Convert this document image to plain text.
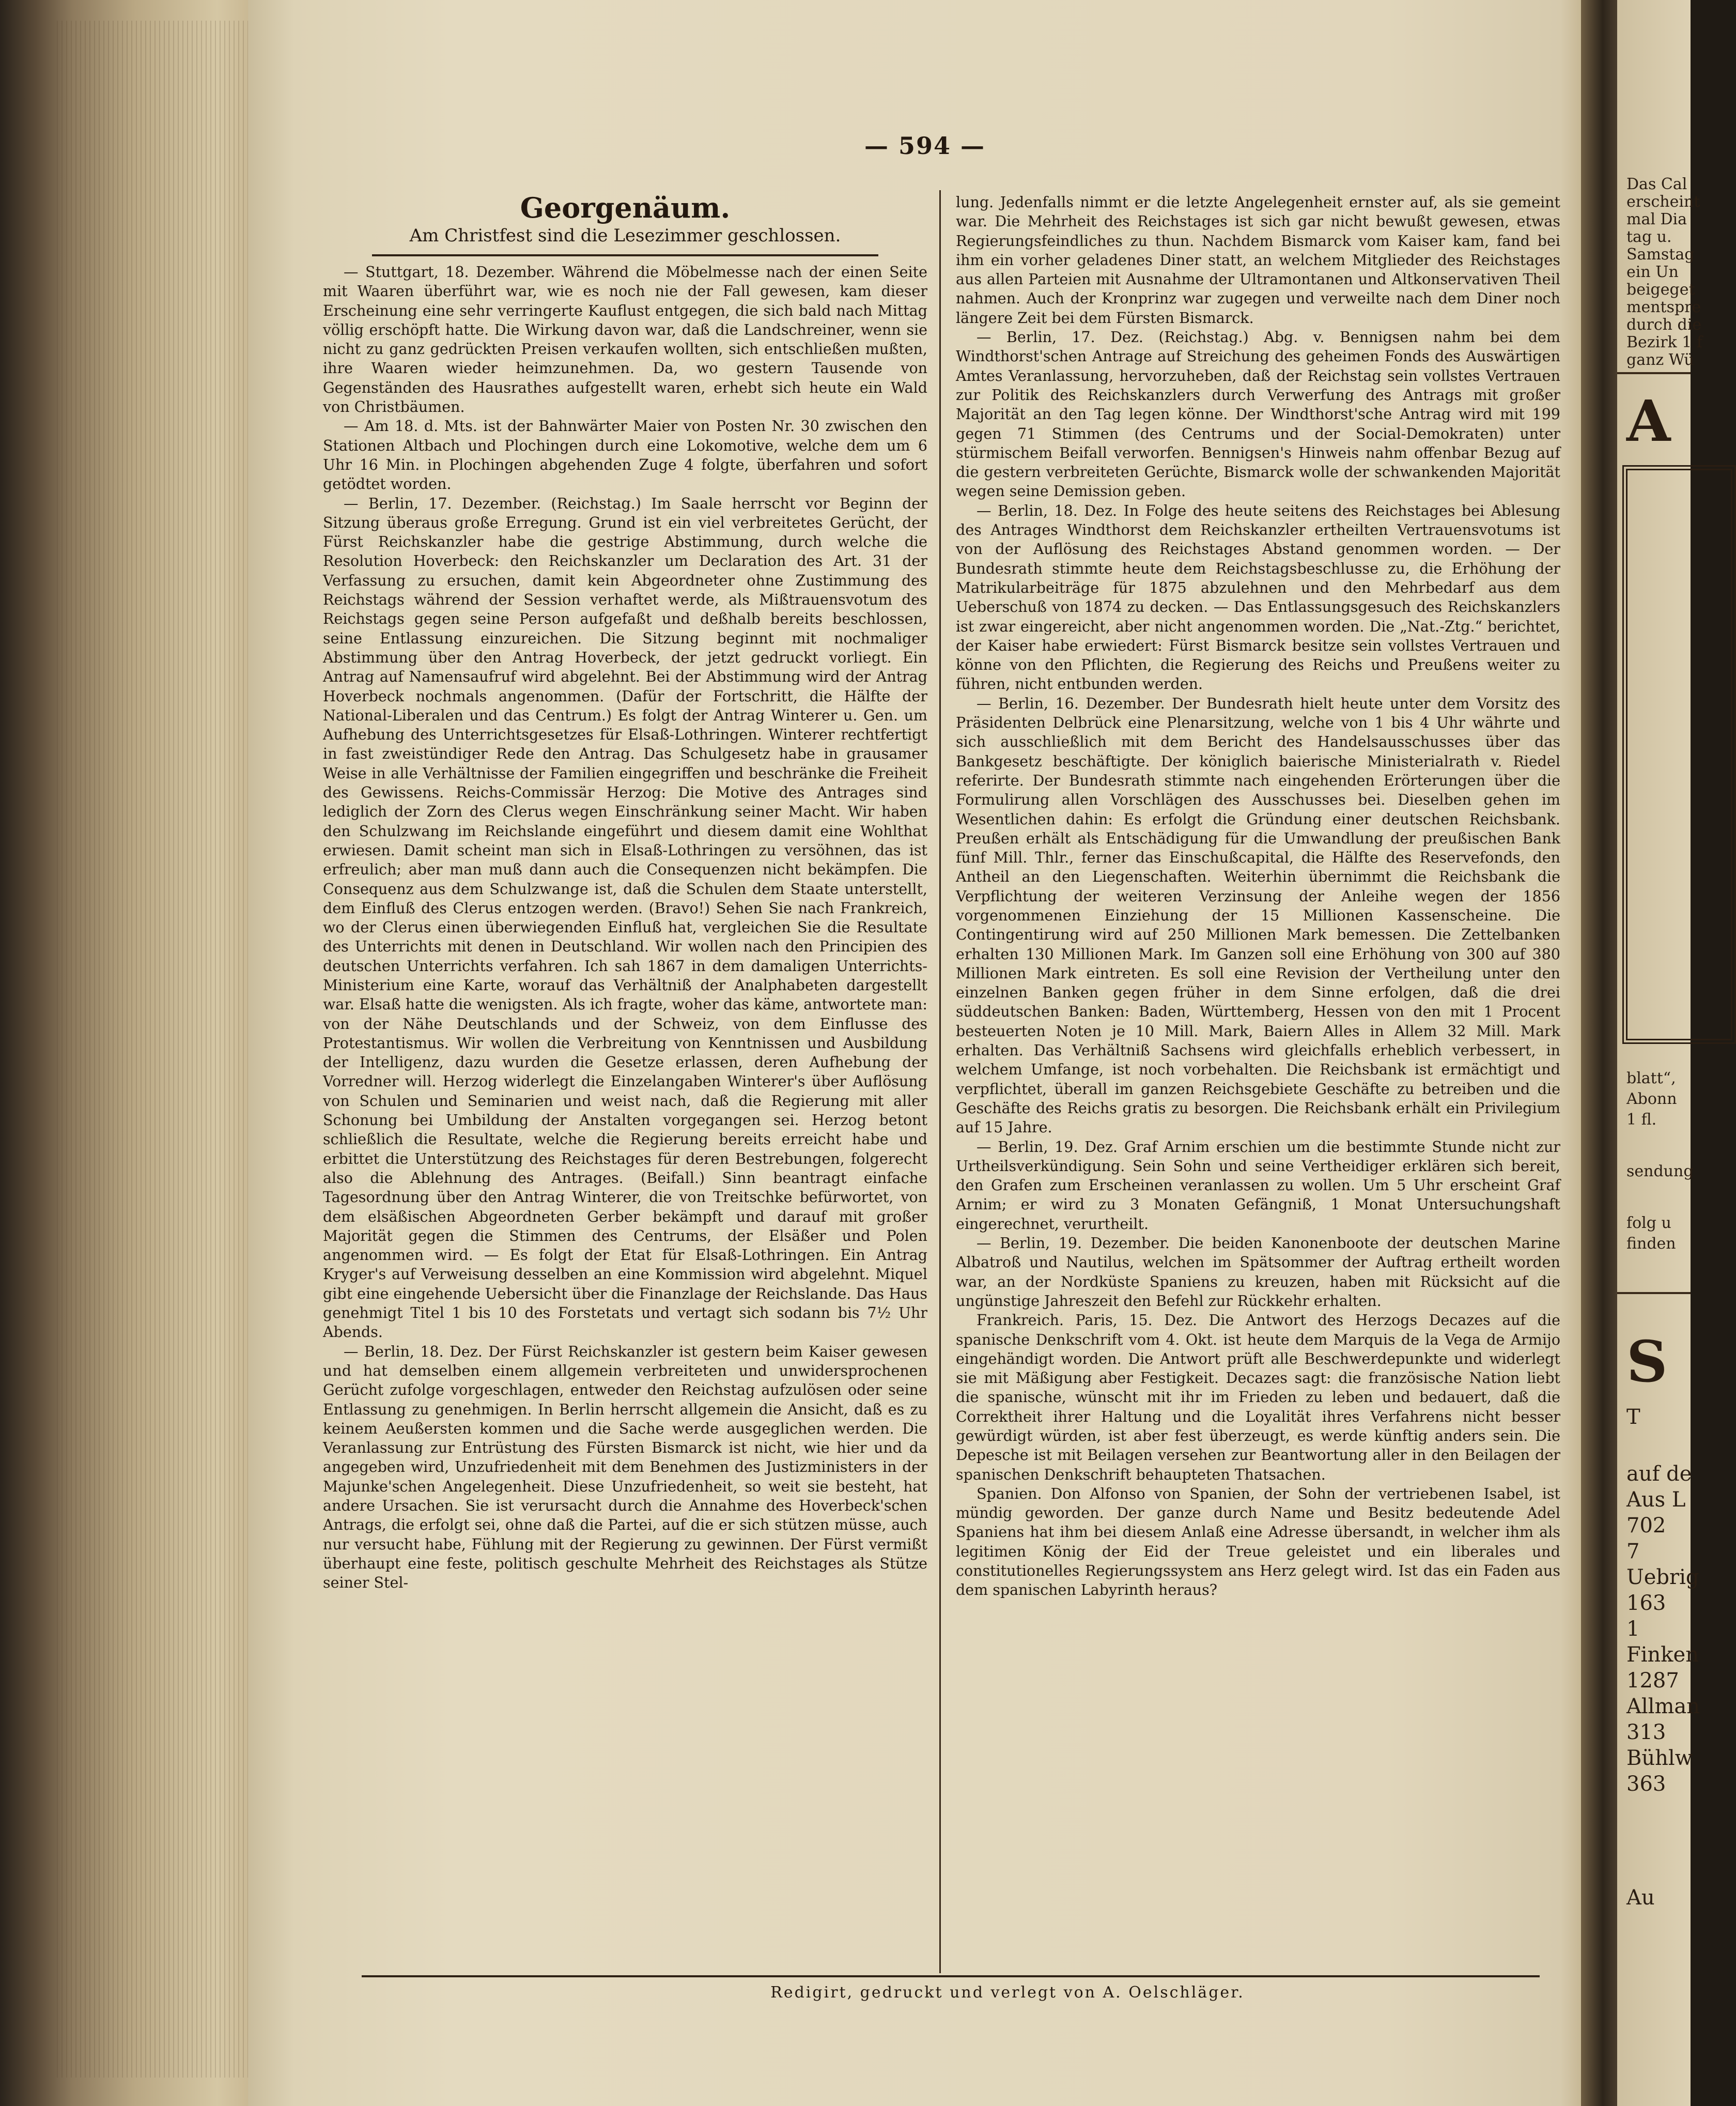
— 594 —

Georgenäum.

Am Christfest sind die Lesezimmer geschlossen.

— Stuttgart, 18. Dezember. Während die Möbelmesse nach der einen Seite mit Waaren überführt war, wie es noch nie der Fall gewesen, kam dieser Erscheinung eine sehr verringerte Kauflust entgegen, die sich bald nach Mittag völlig erschöpft hatte. Die Wirkung davon war, daß die Landschreiner, wenn sie nicht zu ganz gedrückten Preisen verkaufen wollten, sich entschließen mußten, ihre Waaren wieder heimzunehmen. Da, wo gestern Tausende von Gegenständen des Hausrathes aufgestellt waren, erhebt sich heute ein Wald von Christbäumen.

— Am 18. d. Mts. ist der Bahnwärter Maier von Posten Nr. 30 zwischen den Stationen Altbach und Plochingen durch eine Lokomotive, welche dem um 6 Uhr 16 Min. in Plochingen abgehenden Zuge 4 folgte, überfahren und sofort getödtet worden.

— Berlin, 17. Dezember. (Reichstag.) Im Saale herrscht vor Beginn der Sitzung überaus große Erregung. Grund ist ein viel verbreitetes Gerücht, der Fürst Reichskanzler habe die gestrige Abstimmung, durch welche die Resolution Hoverbeck: den Reichskanzler um Declaration des Art. 31 der Verfassung zu ersuchen, damit kein Abgeordneter ohne Zustimmung des Reichstags während der Session verhaftet werde, als Mißtrauensvotum des Reichstags gegen seine Person aufgefaßt und deßhalb bereits beschlossen, seine Entlassung einzureichen. Die Sitzung beginnt mit nochmaliger Abstimmung über den Antrag Hoverbeck, der jetzt gedruckt vorliegt. Ein Antrag auf Namensaufruf wird abgelehnt. Bei der Abstimmung wird der Antrag Hoverbeck nochmals angenommen. (Dafür der Fortschritt, die Hälfte der National-Liberalen und das Centrum.) Es folgt der Antrag Winterer u. Gen. um Aufhebung des Unterrichtsgesetzes für Elsaß-Lothringen. Winterer rechtfertigt in fast zweistündiger Rede den Antrag. Das Schulgesetz habe in grausamer Weise in alle Verhältnisse der Familien eingegriffen und beschränke die Freiheit des Gewissens. Reichs-Commissär Herzog: Die Motive des Antrages sind lediglich der Zorn des Clerus wegen Einschränkung seiner Macht. Wir haben den Schulzwang im Reichslande eingeführt und diesem damit eine Wohlthat erwiesen. Damit scheint man sich in Elsaß-Lothringen zu versöhnen, das ist erfreulich; aber man muß dann auch die Consequenzen nicht bekämpfen. Die Consequenz aus dem Schulzwange ist, daß die Schulen dem Staate unterstellt, dem Einfluß des Clerus entzogen werden. (Bravo!) Sehen Sie nach Frankreich, wo der Clerus einen überwiegenden Einfluß hat, vergleichen Sie die Resultate des Unterrichts mit denen in Deutschland. Wir wollen nach den Principien des deutschen Unterrichts verfahren. Ich sah 1867 in dem damaligen Unterrichts-Ministerium eine Karte, worauf das Verhältniß der Analphabeten dargestellt war. Elsaß hatte die wenigsten. Als ich fragte, woher das käme, antwortete man: von der Nähe Deutschlands und der Schweiz, von dem Einflusse des Protestantismus. Wir wollen die Verbreitung von Kenntnissen und Ausbildung der Intelligenz, dazu wurden die Gesetze erlassen, deren Aufhebung der Vorredner will. Herzog widerlegt die Einzelangaben Winterer's über Auflösung von Schulen und Seminarien und weist nach, daß die Regierung mit aller Schonung bei Umbildung der Anstalten vorgegangen sei. Herzog betont schließlich die Resultate, welche die Regierung bereits erreicht habe und erbittet die Unterstützung des Reichstages für deren Bestrebungen, folgerecht also die Ablehnung des Antrages. (Beifall.) Sinn beantragt einfache Tagesordnung über den Antrag Winterer, die von Treitschke befürwortet, von dem elsäßischen Abgeordneten Gerber bekämpft und darauf mit großer Majorität gegen die Stimmen des Centrums, der Elsäßer und Polen angenommen wird. — Es folgt der Etat für Elsaß-Lothringen. Ein Antrag Kryger's auf Verweisung desselben an eine Kommission wird abgelehnt. Miquel gibt eine eingehende Uebersicht über die Finanzlage der Reichslande. Das Haus genehmigt Titel 1 bis 10 des Forstetats und vertagt sich sodann bis 7½ Uhr Abends.

— Berlin, 18. Dez. Der Fürst Reichskanzler ist gestern beim Kaiser gewesen und hat demselben einem allgemein verbreiteten und unwidersprochenen Gerücht zufolge vorgeschlagen, entweder den Reichstag aufzulösen oder seine Entlassung zu genehmigen. In Berlin herrscht allgemein die Ansicht, daß es zu keinem Aeußersten kommen und die Sache werde ausgeglichen werden. Die Veranlassung zur Entrüstung des Fürsten Bismarck ist nicht, wie hier und da angegeben wird, Unzufriedenheit mit dem Benehmen des Justizministers in der Majunke'schen Angelegenheit. Diese Unzufriedenheit, so weit sie besteht, hat andere Ursachen. Sie ist verursacht durch die Annahme des Hoverbeck'schen Antrags, die erfolgt sei, ohne daß die Partei, auf die er sich stützen müsse, auch nur versucht habe, Fühlung mit der Regierung zu gewinnen. Der Fürst vermißt überhaupt eine feste, politisch geschulte Mehrheit des Reichstages als Stütze seiner Stel-

lung. Jedenfalls nimmt er die letzte Angelegenheit ernster auf, als sie gemeint war. Die Mehrheit des Reichstages ist sich gar nicht bewußt gewesen, etwas Regierungsfeindliches zu thun. Nachdem Bismarck vom Kaiser kam, fand bei ihm ein vorher geladenes Diner statt, an welchem Mitglieder des Reichstages aus allen Parteien mit Ausnahme der Ultramontanen und Altkonservativen Theil nahmen. Auch der Kronprinz war zugegen und verweilte nach dem Diner noch längere Zeit bei dem Fürsten Bismarck.

— Berlin, 17. Dez. (Reichstag.) Abg. v. Bennigsen nahm bei dem Windthorst'schen Antrage auf Streichung des geheimen Fonds des Auswärtigen Amtes Veranlassung, hervorzuheben, daß der Reichstag sein vollstes Vertrauen zur Politik des Reichskanzlers durch Verwerfung des Antrags mit großer Majorität an den Tag legen könne. Der Windthorst'sche Antrag wird mit 199 gegen 71 Stimmen (des Centrums und der Social-Demokraten) unter stürmischem Beifall verworfen. Bennigsen's Hinweis nahm offenbar Bezug auf die gestern verbreiteten Gerüchte, Bismarck wolle der schwankenden Majorität wegen seine Demission geben.

— Berlin, 18. Dez. In Folge des heute seitens des Reichstages bei Ablesung des Antrages Windthorst dem Reichskanzler ertheilten Vertrauensvotums ist von der Auflösung des Reichstages Abstand genommen worden. — Der Bundesrath stimmte heute dem Reichstagsbeschlusse zu, die Erhöhung der Matrikularbeiträge für 1875 abzulehnen und den Mehrbedarf aus dem Ueberschuß von 1874 zu decken. — Das Entlassungsgesuch des Reichskanzlers ist zwar eingereicht, aber nicht angenommen worden. Die „Nat.-Ztg.“ berichtet, der Kaiser habe erwiedert: Fürst Bismarck besitze sein vollstes Vertrauen und könne von den Pflichten, die Regierung des Reichs und Preußens weiter zu führen, nicht entbunden werden.

— Berlin, 16. Dezember. Der Bundesrath hielt heute unter dem Vorsitz des Präsidenten Delbrück eine Plenarsitzung, welche von 1 bis 4 Uhr währte und sich ausschließlich mit dem Bericht des Handelsausschusses über das Bankgesetz beschäftigte. Der königlich baierische Ministerialrath v. Riedel referirte. Der Bundesrath stimmte nach eingehenden Erörterungen über die Formulirung allen Vorschlägen des Ausschusses bei. Dieselben gehen im Wesentlichen dahin: Es erfolgt die Gründung einer deutschen Reichsbank. Preußen erhält als Entschädigung für die Umwandlung der preußischen Bank fünf Mill. Thlr., ferner das Einschußcapital, die Hälfte des Reservefonds, den Antheil an den Liegenschaften. Weiterhin übernimmt die Reichsbank die Verpflichtung der weiteren Verzinsung der Anleihe wegen der 1856 vorgenommenen Einziehung der 15 Millionen Kassenscheine. Die Contingentirung wird auf 250 Millionen Mark bemessen. Die Zettelbanken erhalten 130 Millionen Mark. Im Ganzen soll eine Erhöhung von 300 auf 380 Millionen Mark eintreten. Es soll eine Revision der Vertheilung unter den einzelnen Banken gegen früher in dem Sinne erfolgen, daß die drei süddeutschen Banken: Baden, Württemberg, Hessen von den mit 1 Procent besteuerten Noten je 10 Mill. Mark, Baiern Alles in Allem 32 Mill. Mark erhalten. Das Verhältniß Sachsens wird gleichfalls erheblich verbessert, in welchem Umfange, ist noch vorbehalten. Die Reichsbank ist ermächtigt und verpflichtet, überall im ganzen Reichsgebiete Geschäfte zu betreiben und die Geschäfte des Reichs gratis zu besorgen. Die Reichsbank erhält ein Privilegium auf 15 Jahre.

— Berlin, 19. Dez. Graf Arnim erschien um die bestimmte Stunde nicht zur Urtheilsverkündigung. Sein Sohn und seine Vertheidiger erklären sich bereit, den Grafen zum Erscheinen veranlassen zu wollen. Um 5 Uhr erscheint Graf Arnim; er wird zu 3 Monaten Gefängniß, 1 Monat Untersuchungshaft eingerechnet, verurtheilt.

— Berlin, 19. Dezember. Die beiden Kanonenboote der deutschen Marine Albatroß und Nautilus, welchen im Spätsommer der Auftrag ertheilt worden war, an der Nordküste Spaniens zu kreuzen, haben mit Rücksicht auf die ungünstige Jahreszeit den Befehl zur Rückkehr erhalten.

Frankreich. Paris, 15. Dez. Die Antwort des Herzogs Decazes auf die spanische Denkschrift vom 4. Okt. ist heute dem Marquis de la Vega de Armijo eingehändigt worden. Die Antwort prüft alle Beschwerdepunkte und widerlegt sie mit Mäßigung aber Festigkeit. Decazes sagt: die französische Nation liebt die spanische, wünscht mit ihr im Frieden zu leben und bedauert, daß die Correktheit ihrer Haltung und die Loyalität ihres Verfahrens nicht besser gewürdigt würden, ist aber fest überzeugt, es werde künftig anders sein. Die Depesche ist mit Beilagen versehen zur Beantwortung aller in den Beilagen der spanischen Denkschrift behaupteten Thatsachen.

Spanien. Don Alfonso von Spanien, der Sohn der vertriebenen Isabel, ist mündig geworden. Der ganze durch Name und Besitz bedeutende Adel Spaniens hat ihm bei diesem Anlaß eine Adresse übersandt, in welcher ihm als legitimen König der Eid der Treue geleistet und ein liberales und constitutionelles Regierungssystem ans Herz gelegt wird. Ist das ein Faden aus dem spanischen Labyrinth heraus?

Redigirt, gedruckt und verlegt von A. Oelschläger.
Das Cal
erscheint
mal Dia
tag u.
Samstag
ein Un
beigeget
mentspre
durch die
Bezirk 1 f
ganz Wü
A
blatt“,
Abonn
1 fl.
sendung
folg u
finden
S
T
auf de
Aus L
702
7
Uebrig
163
1
Finken
1287
Allman
313
Bühlw
363
Au
